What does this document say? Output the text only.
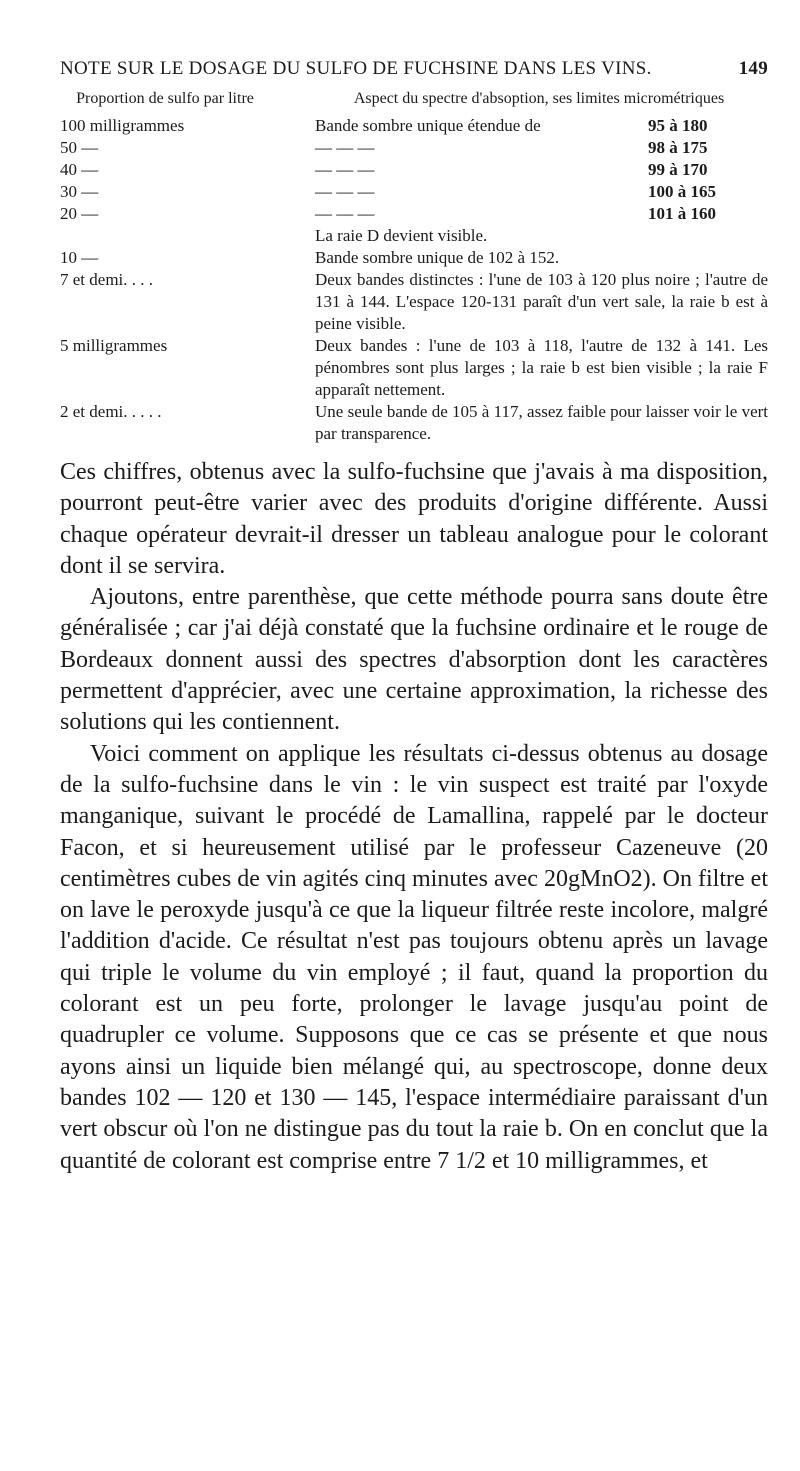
NOTE SUR LE DOSAGE DU SULFO DE FUCHSINE DANS LES VINS.	149
Proportion de sulfo par litre	Aspect du spectre d'absoption, ses limites micrométriques
100 milligrammes	Bande sombre unique étendue de	95 à 180
50 —	— — —	98 à 175
40 —	— — —	99 à 170
30 —	— — —	100 à 165
20 —	— — —	101 à 160
La raie D devient visible.
10 —	Bande sombre unique de 102 à 152.
7 et demi. . . .	Deux bandes distinctes : l'une de 103 à 120 plus noire ; l'autre de 131 à 144. L'espace 120-131 paraît d'un vert sale, la raie b est à peine visible.
5 milligrammes	Deux bandes : l'une de 103 à 118, l'autre de 132 à 141. Les pénombres sont plus larges ; la raie b est bien visible ; la raie F apparaît nettement.
2 et demi. . . . .	Une seule bande de 105 à 117, assez faible pour laisser voir le vert par transparence.

Ces chiffres, obtenus avec la sulfo-fuchsine que j'avais à ma disposition, pourront peut-être varier avec des produits d'origine différente. Aussi chaque opérateur devrait-il dresser un tableau analogue pour le colorant dont il se servira.

Ajoutons, entre parenthèse, que cette méthode pourra sans doute être généralisée ; car j'ai déjà constaté que la fuchsine ordinaire et le rouge de Bordeaux donnent aussi des spectres d'absorption dont les caractères permettent d'apprécier, avec une certaine approximation, la richesse des solutions qui les contiennent.

Voici comment on applique les résultats ci-dessus obtenus au dosage de la sulfo-fuchsine dans le vin : le vin suspect est traité par l'oxyde manganique, suivant le procédé de Lamallina, rappelé par le docteur Facon, et si heureusement utilisé par le professeur Cazeneuve (20 centimètres cubes de vin agités cinq minutes avec 20gMnO2). On filtre et on lave le peroxyde jusqu'à ce que la liqueur filtrée reste incolore, malgré l'addition d'acide. Ce résultat n'est pas toujours obtenu après un lavage qui triple le volume du vin employé ; il faut, quand la proportion du colorant est un peu forte, prolonger le lavage jusqu'au point de quadrupler ce volume. Supposons que ce cas se présente et que nous ayons ainsi un liquide bien mélangé qui, au spectroscope, donne deux bandes 102 — 120 et 130 — 145, l'espace intermédiaire paraissant d'un vert obscur où l'on ne distingue pas du tout la raie b. On en conclut que la quantité de colorant est comprise entre 7 1/2 et 10 milligrammes, et
